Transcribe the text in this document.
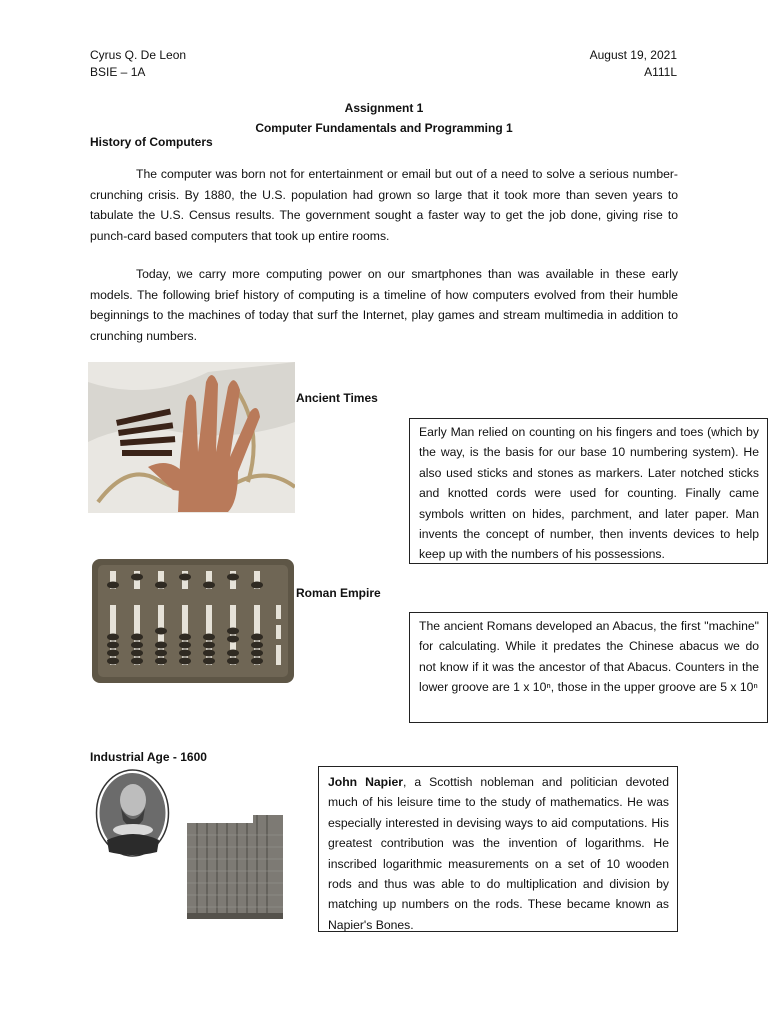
Cyrus Q. De Leon
BSIE – 1A
August 19, 2021
A111L
Assignment 1
Computer Fundamentals and Programming 1
History of Computers

The computer was born not for entertainment or email but out of a need to solve a serious number-crunching crisis. By 1880, the U.S. population had grown so large that it took more than seven years to tabulate the U.S. Census results. The government sought a faster way to get the job done, giving rise to punch-card based computers that took up entire rooms.

Today, we carry more computing power on our smartphones than was available in these early models. The following brief history of computing is a timeline of how computers evolved from their humble beginnings to the machines of today that surf the Internet, play games and stream multimedia in addition to crunching numbers.

Ancient Times
Early Man relied on counting on his fingers and toes (which by the way, is the basis for our base 10 numbering system). He also used sticks and stones as markers. Later notched sticks and knotted cords were used for counting. Finally came symbols written on hides, parchment, and later paper. Man invents the concept of number, then invents devices to help keep up with the numbers of his possessions.
Roman Empire
The ancient Romans developed an Abacus, the first "machine" for calculating. While it predates the Chinese abacus we do not know if it was the ancestor of that Abacus. Counters in the lower groove are 1 x 10ⁿ, those in the upper groove are 5 x 10ⁿ
Industrial Age - 1600
John Napier, a Scottish nobleman and politician devoted much of his leisure time to the study of mathematics. He was especially interested in devising ways to aid computations. His greatest contribution was the invention of logarithms. He inscribed logarithmic measurements on a set of 10 wooden rods and thus was able to do multiplication and division by matching up numbers on the rods. These became known as Napier's Bones.
